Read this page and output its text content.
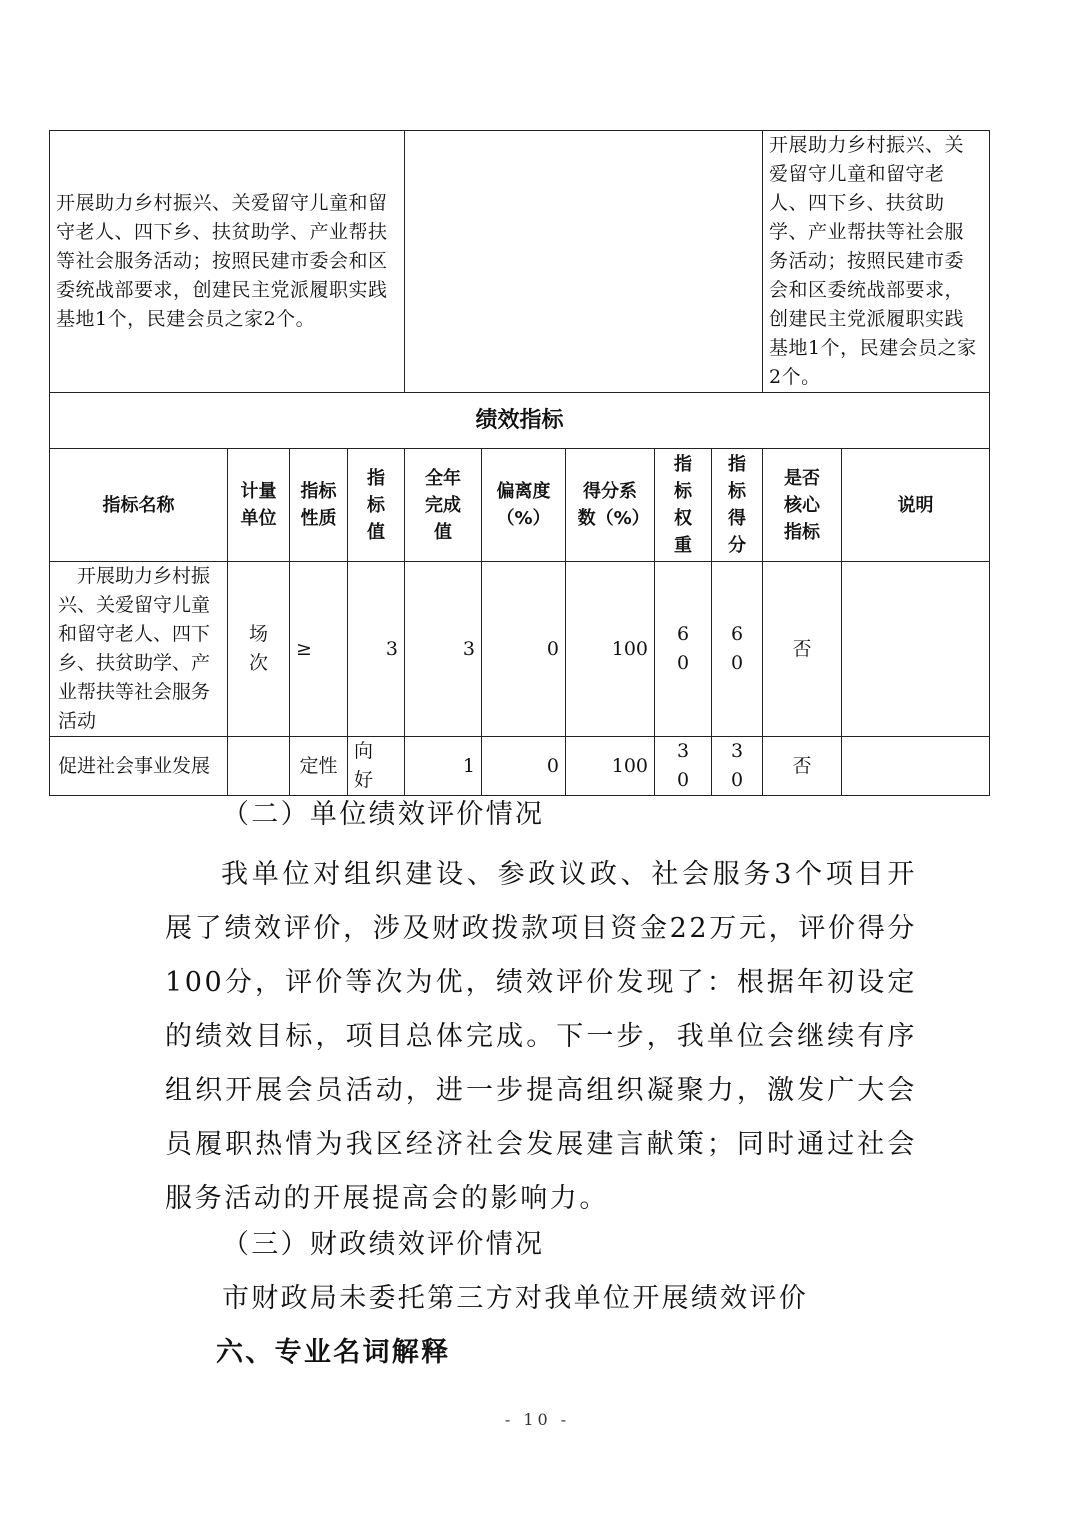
开展助力乡村振兴、关爱留守儿童和留守老人、四下乡、扶贫助学、产业帮扶等社会服务活动；按照民建市委会和区委统战部要求，创建民主党派履职实践基地1个，民建会员之家2个。									开展助力乡村振兴、关爱留守儿童和留守老人、四下乡、扶贫助学、产业帮扶等社会服务活动；按照民建市委会和区委统战部要求，创建民主党派履职实践基地1个，民建会员之家2个。	

绩效指标										
指标名称	计量单位	指标性质	指标值	全年完成值	偏离度（%）	得分系数（%）	指标权重	指标得分	是否核心指标	说明
开展助力乡村振兴、关爱留守儿童和留守老人、四下乡、扶贫助学、产业帮扶等社会服务活动	场次	≥	3	3	0	100	60	60	否	
促进社会事业发展		定性	向好	1	0	100	30	30	否	
（二）单位绩效评价情况
我单位对组织建设、参政议政、社会服务3个项目开展了绩效评价，涉及财政拨款项目资金22万元，评价得分100分，评价等次为优，绩效评价发现了：根据年初设定的绩效目标，项目总体完成。下一步，我单位会继续有序组织开展会员活动，进一步提高组织凝聚力，激发广大会员履职热情为我区经济社会发展建言献策；同时通过社会服务活动的开展提高会的影响力。
（三）财政绩效评价情况
市财政局未委托第三方对我单位开展绩效评价
六、专业名词解释
- 10 -
